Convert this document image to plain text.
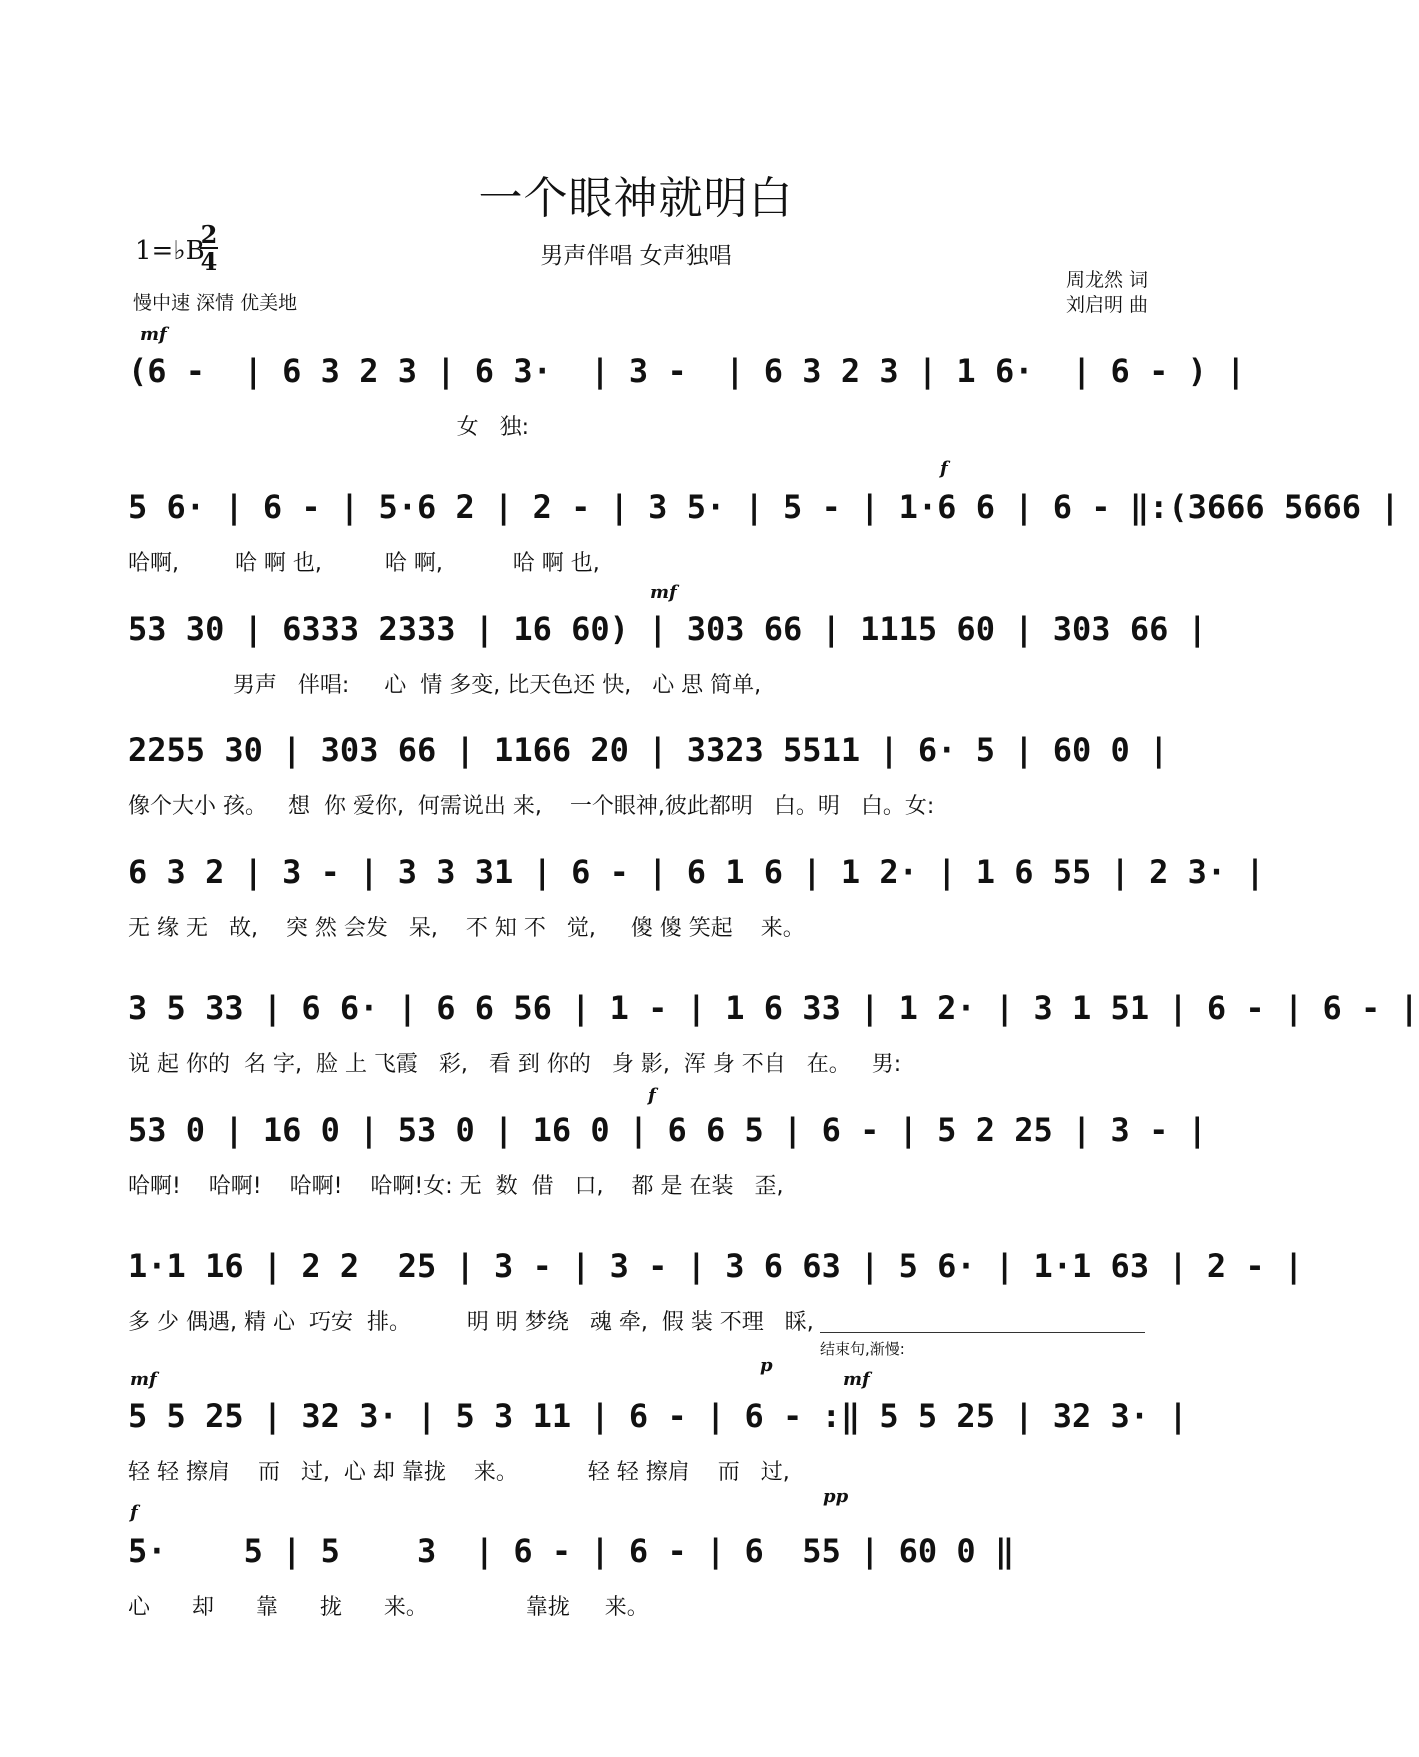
一个眼神就明白
男声伴唱 女声独唱
1=♭B
2
4
慢中速 深情 优美地
周龙然 词
刘启明 曲
mf
(6 -  | 6 3 2 3 | 6 3·  | 3 -  | 6 3 2 3 | 1 6·  | 6 - ) |
女   独:
f
5 6· | 6 - | 5·6 2 | 2 - | 3 5· | 5 - | 1·6 6 | 6 - ‖:(3666 5666 |
哈啊,        哈 啊 也,         哈 啊,          哈 啊 也,
mf
53 30 | 6333 2333 | 16 60) | 303 66 | 1115 60 | 303 66 |
男声   伴唱:     心  情 多变, 比天色还 快,   心 思 简单,
2255 30 | 303 66 | 1166 20 | 3323 5511 | 6· 5 | 60 0 |
像个大小 孩。   想  你 爱你,  何需说出 来,    一个眼神,彼此都明   白。明   白。女:
6 3 2 | 3 - | 3 3 31 | 6 - | 6 1 6 | 1 2· | 1 6 55 | 2 3· |
无 缘 无   故,    突 然 会发   呆,    不 知 不   觉,     傻 傻 笑起    来。
3 5 33 | 6 6· | 6 6 56 | 1 - | 1 6 33 | 1 2· | 3 1 51 | 6 - | 6 - |
说 起 你的  名 字,  脸 上 飞霞   彩,   看 到 你的   身 影,  浑 身 不自   在。   男:
f
53 0 | 16 0 | 53 0 | 16 0 | 6 6 5 | 6 - | 5 2 25 | 3 - |
哈啊!    哈啊!    哈啊!    哈啊!女: 无  数  借   口,    都 是 在装   歪,
1·1 16 | 2 2  25 | 3 - | 3 - | 3 6 63 | 5 6· | 1·1 63 | 2 - |
多 少 偶遇, 精 心  巧安  排。        明 明 梦绕   魂 牵,  假 装 不理   睬,
结束句,渐慢:
mf	mf
p
5 5 25 | 32 3· | 5 3 11 | 6 - | 6 - :‖ 5 5 25 | 32 3· |
轻 轻 擦肩    而   过,  心 却 靠拢    来。          轻 轻 擦肩    而   过,
f
pp
5·    5 | 5    3  | 6 - | 6 - | 6  55 | 60 0 ‖
心      却      靠      拢      来。              靠拢     来。
